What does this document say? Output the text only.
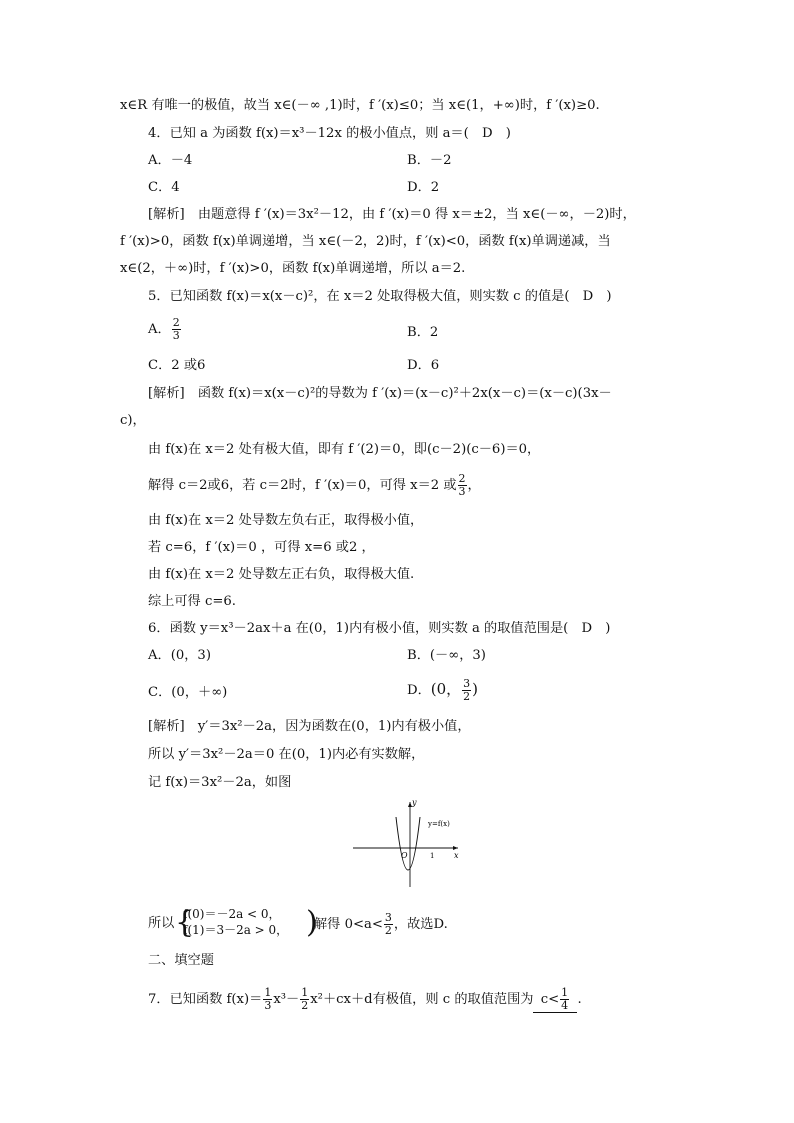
x∈R 有唯一的极值，故当 x∈(－∞ ,1)时，f ′(x)≤0；当 x∈(1，+∞)时，f ′(x)≥0.
4．已知 a 为函数 f(x)＝x³－12x 的极小值点，则 a＝(　D　)
A．－4	B．－2
C．4	D．2
[解析]　由题意得 f ′(x)＝3x²－12，由 f ′(x)＝0 得 x＝±2，当 x∈(－∞，－2)时，
f ′(x)>0，函数 f(x)单调递增，当 x∈(－2，2)时，f ′(x)<0，函数 f(x)单调递减，当
x∈(2，＋∞)时，f ′(x)>0，函数 f(x)单调递增，所以 a＝2.
5．已知函数 f(x)＝x(x－c)²，在 x＝2 处取得极大值，则实数 c 的值是(　D　)
A． $\frac{2}{3}$	B．2
C．2 或6	D．6
[解析]　函数 f(x)＝x(x－c)²的导数为 f ′(x)＝(x－c)²＋2x(x－c)＝(x－c)(3x－
c)，
由 f(x)在 x＝2 处有极大值，即有 f ′(2)＝0，即(c－2)(c－6)＝0，
解得 c＝2或6，若 c＝2时，f ′(x)＝0，可得 x＝2 或 $\frac{2}{3}$ ，
由 f(x)在 x＝2 处导数左负右正，取得极小值，
若 c=6，f ′(x)＝0 ，可得 x=6 或2 ，
由 f(x)在 x＝2 处导数左正右负，取得极大值.
综上可得 c=6.
6．函数 y＝x³－2ax＋a 在(0，1)内有极小值，则实数 a 的取值范围是(　D　)
A．(0，3)	B．(－∞，3)
C．(0，＋∞)	D．(0， $\frac{3}{2}$ )
[解析]　y′＝3x²－2a，因为函数在(0，1)内有极小值，
所以 y′＝3x²－2a＝0 在(0，1)内必有实数解，
记 f(x)＝3x²－2a，如图
y
x
O	1
y=f(x)
所以 {
f(0)＝－2a < 0，
f(1)＝3－2a > 0， )
解得 $0<a< \frac{3}{2}$ ，故选D.
二、填空题
7．已知函数 $f(x)= \frac{1}{3} x^3- \frac{1}{2} x^2+cx+d$有极值，则 c 的取值范围为 $c< \frac{1}{4}$ .
